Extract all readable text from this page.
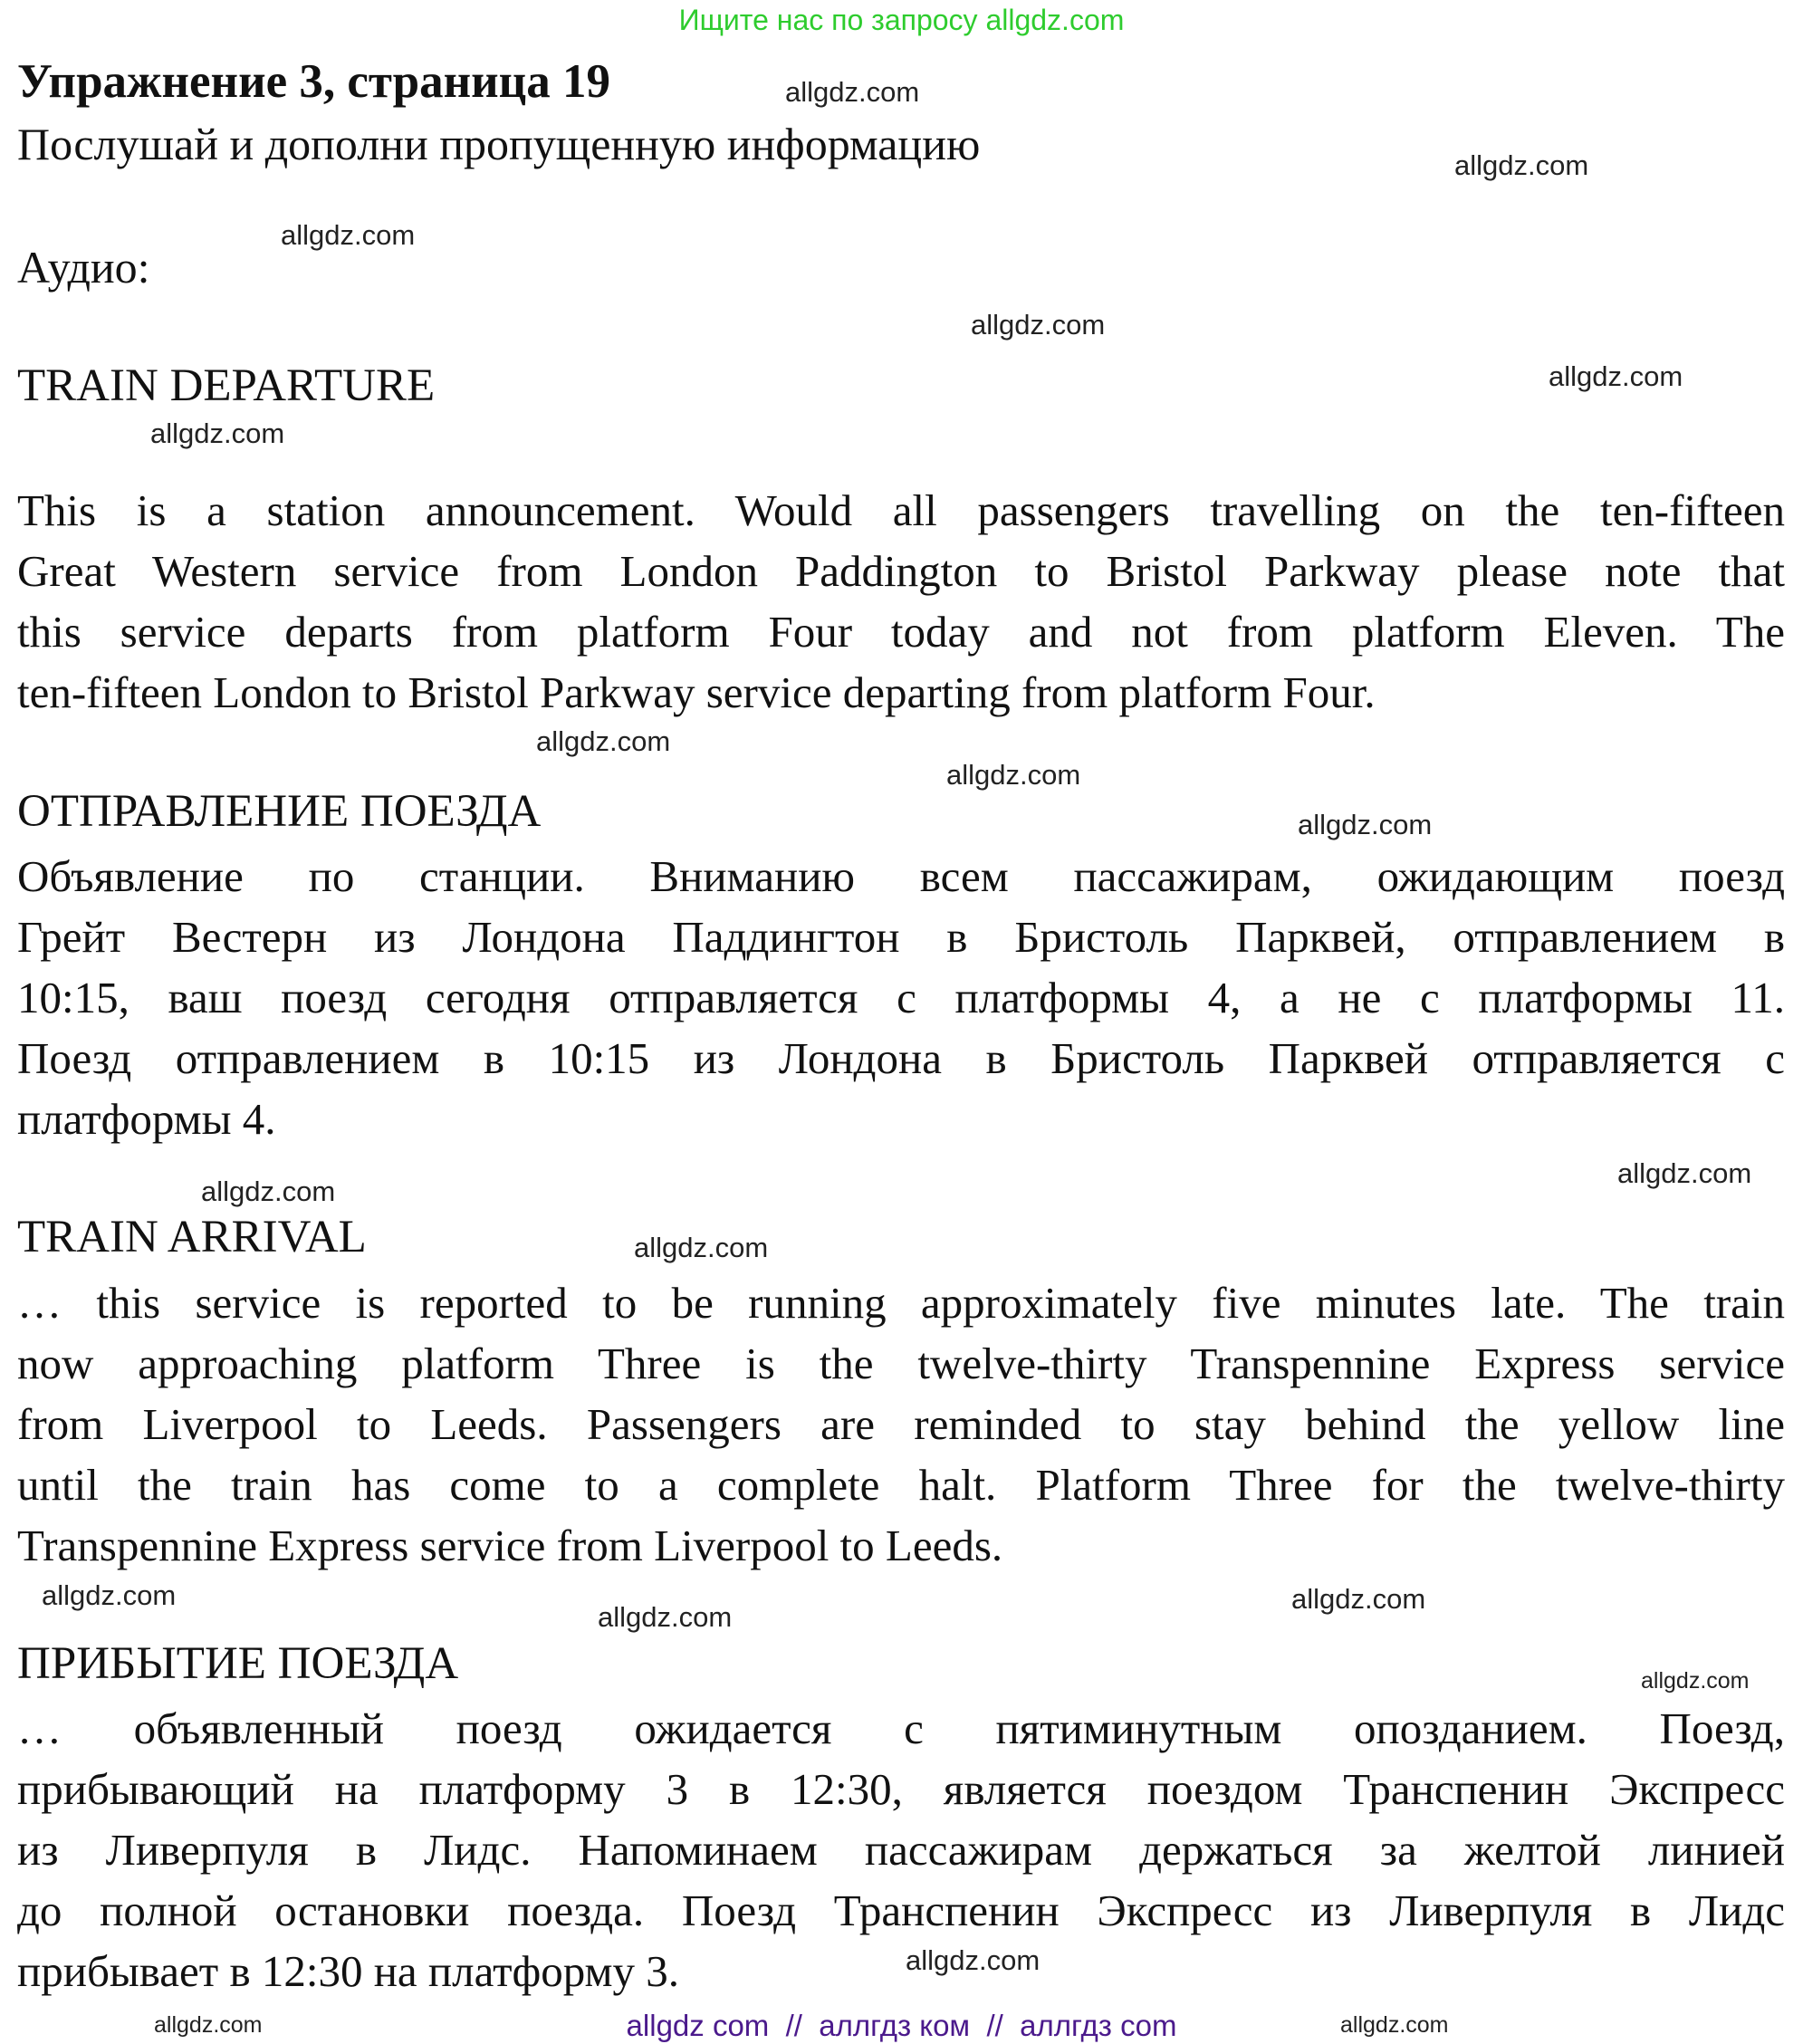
Ищите нас по запросу allgdz.com
Упражнение 3, страница 19
Послушай и дополни пропущенную информацию
Аудио:
TRAIN DEPARTURE
This is a station announcement. Would all passengers travelling on the ten-fifteen
Great Western service from London Paddington to Bristol Parkway please note that
this service departs from platform Four today and not from platform Eleven. The
ten-fifteen London to Bristol Parkway service departing from platform Four.
ОТПРАВЛЕНИЕ ПОЕЗДА
Объявление по станции. Вниманию всем пассажирам, ожидающим поезд
Грейт Вестерн из Лондона Паддингтон в Бристоль Парквей, отправлением в
10:15, ваш поезд сегодня отправляется с платформы 4, а не с платформы 11.
Поезд отправлением в 10:15 из Лондона в Бристоль Парквей отправляется с
платформы 4.
TRAIN ARRIVAL
… this service is reported to be running approximately five minutes late. The train
now approaching platform Three is the twelve-thirty Transpennine Express service
from Liverpool to Leeds. Passengers are reminded to stay behind the yellow line
until the train has come to a complete halt. Platform Three for the twelve-thirty
Transpennine Express service from Liverpool to Leeds.
ПРИБЫТИЕ ПОЕЗДА
… объявленный поезд ожидается с пятиминутным опозданием. Поезд,
прибывающий на платформу 3 в 12:30, является поездом Транспенин Экспресс
из Ливерпуля в Лидс. Напоминаем пассажирам держаться за желтой линией
до полной остановки поезда. Поезд Транспенин Экспресс из Ливерпуля в Лидс
прибывает в 12:30 на платформу 3.
allgdz.com
allgdz.com
allgdz.com
allgdz.com
allgdz.com
allgdz.com
allgdz.com
allgdz.com
allgdz.com
allgdz.com
allgdz.com
allgdz.com
allgdz.com
allgdz.com
allgdz.com
allgdz.com
allgdz.com	allgdz.com
allgdz.com
allgdz com  //  аллгдз ком  //  аллгдз com
